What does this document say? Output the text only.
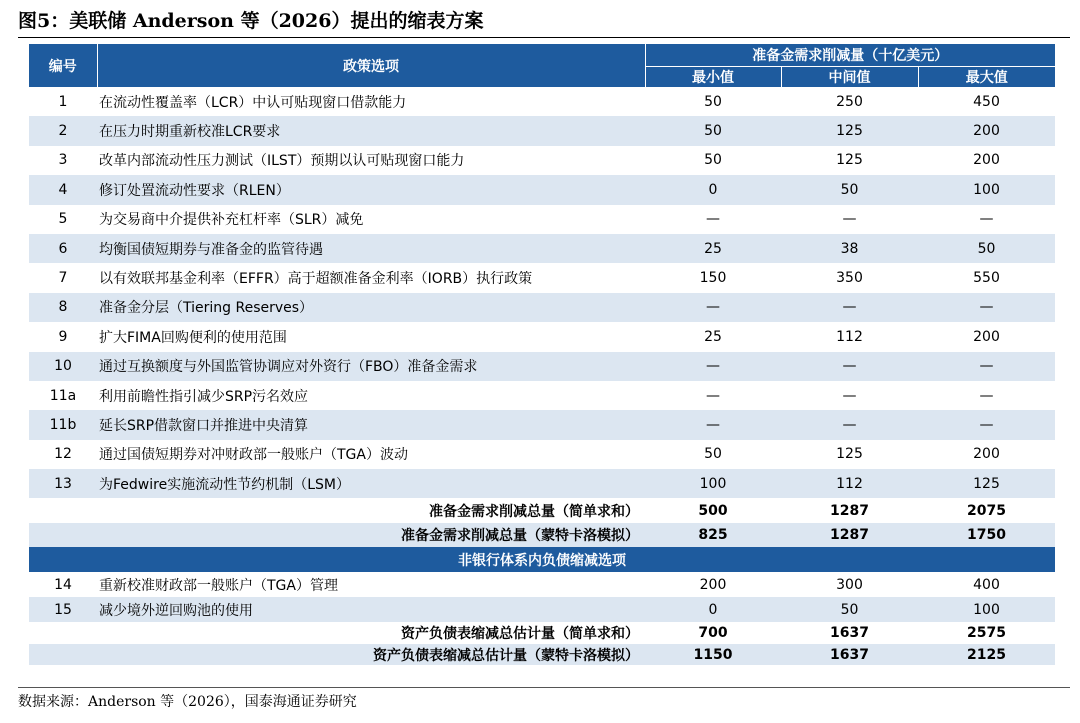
图5：美联储 Anderson 等（2026）提出的缩表方案
编号	政策选项	准备金需求削减量（十亿美元）		
		最小值	中间值	最大值
1	在流动性覆盖率（LCR）中认可贴现窗口借款能力	50	250	450
2	在压力时期重新校准LCR要求	50	125	200
3	改革内部流动性压力测试（ILST）预期以认可贴现窗口能力	50	125	200
4	修订处置流动性要求（RLEN）	0	50	100
5	为交易商中介提供补充杠杆率（SLR）减免	—	—	—
6	均衡国债短期券与准备金的监管待遇	25	38	50
7	以有效联邦基金利率（EFFR）高于超额准备金利率（IORB）执行政策	150	350	550
8	准备金分层（Tiering Reserves）	—	—	—
9	扩大FIMA回购便利的使用范围	25	112	200
10	通过互换额度与外国监管协调应对外资行（FBO）准备金需求	—	—	—
11a	利用前瞻性指引减少SRP污名效应	—	—	—
11b	延长SRP借款窗口并推进中央清算	—	—	—
12	通过国债短期券对冲财政部一般账户（TGA）波动	50	125	200
13	为Fedwire实施流动性节约机制（LSM）	100	112	125
准备金需求削减总量（简单求和）		500	1287	2075
准备金需求削减总量（蒙特卡洛模拟）		825	1287	1750
非银行体系内负债缩减选项				
14	重新校准财政部一般账户（TGA）管理	200	300	400
15	减少境外逆回购池的使用	0	50	100
资产负债表缩减总估计量（简单求和）		700	1637	2575
资产负债表缩减总估计量（蒙特卡洛模拟）		1150	1637	2125
数据来源：Anderson 等（2026），国泰海通证券研究
